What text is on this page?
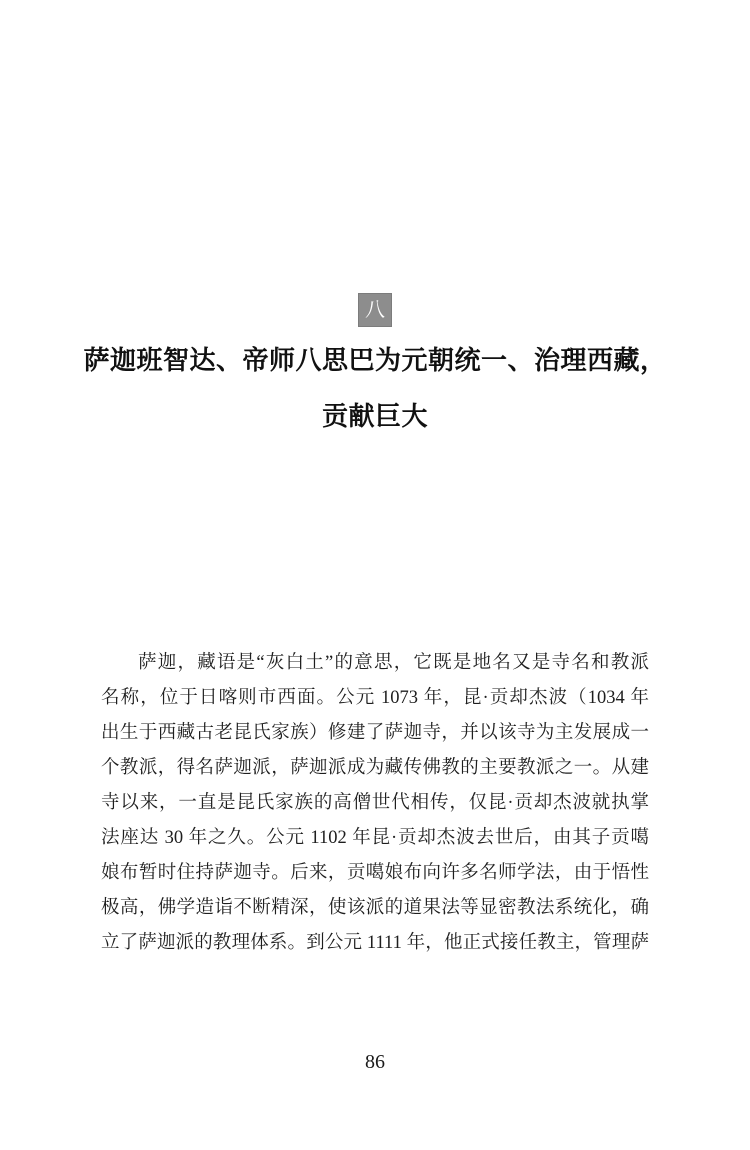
八
萨迦班智达、帝师八思巴为元朝统一、治理西藏，
贡献巨大
萨迦，藏语是“灰白土”的意思，它既是地名又是寺名和教派
名称，位于日喀则市西面。公元 1073 年，昆·贡却杰波（1034 年
出生于西藏古老昆氏家族）修建了萨迦寺，并以该寺为主发展成一
个教派，得名萨迦派，萨迦派成为藏传佛教的主要教派之一。从建
寺以来，一直是昆氏家族的高僧世代相传，仅昆·贡却杰波就执掌
法座达 30 年之久。公元 1102 年昆·贡却杰波去世后，由其子贡噶
娘布暂时住持萨迦寺。后来，贡噶娘布向许多名师学法，由于悟性
极高，佛学造诣不断精深，使该派的道果法等显密教法系统化，确
立了萨迦派的教理体系。到公元 1111 年，他正式接任教主，管理萨
86
